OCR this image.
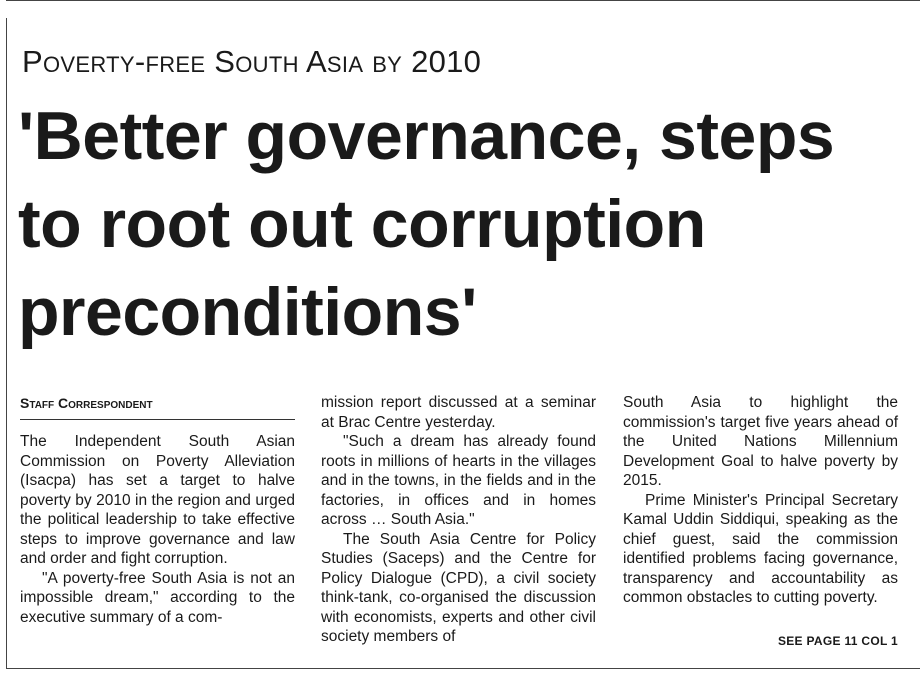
Poverty-free South Asia by 2010
'Better governance, steps to root out corruption preconditions'
Staff Correspondent

The Independent South Asian Commission on Poverty Alleviation (Isacpa) has set a target to halve poverty by 2010 in the region and urged the political leadership to take effective steps to improve governance and law and order and fight corruption.

"A poverty-free South Asia is not an impossible dream," according to the executive summary of a com-

mission report discussed at a seminar at Brac Centre yesterday.

"Such a dream has already found roots in millions of hearts in the villages and in the towns, in the fields and in the factories, in offices and in homes across … South Asia."

The South Asia Centre for Policy Studies (Saceps) and the Centre for Policy Dialogue (CPD), a civil society think-tank, co-organised the discussion with economists, experts and other civil society members of

South Asia to highlight the commission's target five years ahead of the United Nations Millennium Development Goal to halve poverty by 2015.

Prime Minister's Principal Secretary Kamal Uddin Siddiqui, speaking as the chief guest, said the commission identified problems facing governance, transparency and accountability as common obstacles to cutting poverty.

SEE PAGE 11 COL 1
